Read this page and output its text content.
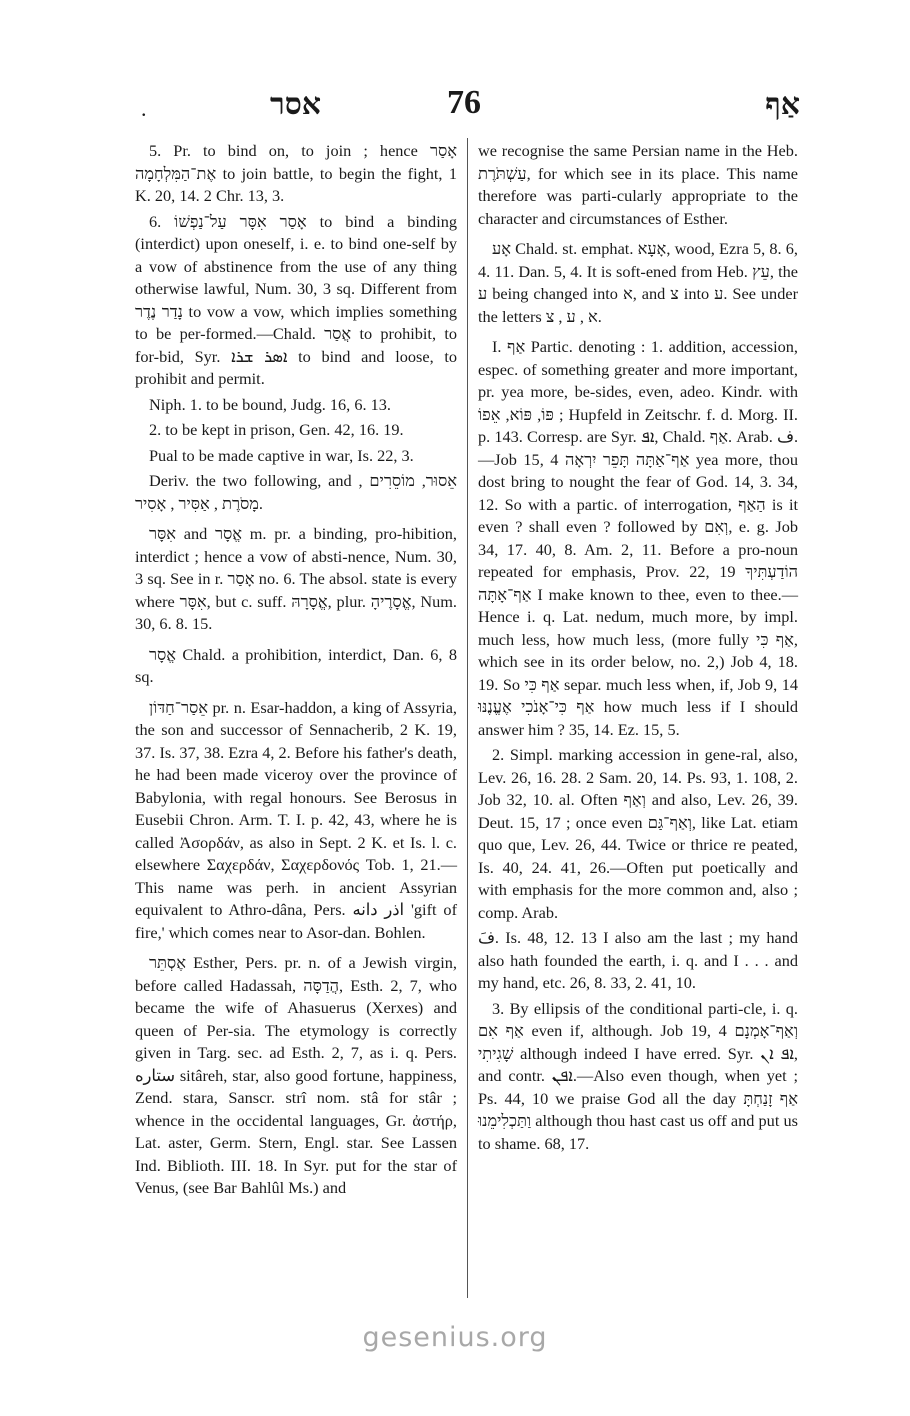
.	אסר	76	אַף

5. Pr. to bind on, to join ; hence אָסַר אֶת־הַמִּלְחָמָה to join battle, to begin the fight, 1 K. 20, 14. 2 Chr. 13, 3.

6. אָסַר אִסָּר עַל־נַפְשׁוֹ to bind a binding (interdict) upon oneself, i. e. to bind one-self by a vow of abstinence from the use of any thing otherwise lawful, Num. 30, 3 sq. Different from נָדַר נֶדֶר to vow a vow, which implies something to be per-formed.—Chald. אֲסַר to prohibit, to for-bid, Syr. ܐܣܪ ܫܪܐ to bind and loose, to prohibit and permit.

Niph. 1. to be bound, Judg. 16, 6. 13.

2. to be kept in prison, Gen. 42, 16. 19.

Pual to be made captive in war, Is. 22, 3.

Deriv. the two following, and אֵסוּר, מוֹסֵרִים , מָסֹרֶת , אַסִּיר , אָסִיר.

אִסָּר and אֱסָר m. pr. a binding, pro-hibition, interdict ; hence a vow of absti-nence, Num. 30, 3 sq. See in r. אָסַר no. 6. The absol. state is every where אִסָּר, but c. suff. אֱסָרָהּ, plur. אֱסָרֶיהָ, Num. 30, 6. 8. 15.

אֱסָר Chald. a prohibition, interdict, Dan. 6, 8 sq.

אֵסַר־חַדּוֹן pr. n. Esar-haddon, a king of Assyria, the son and successor of Sennacherib, 2 K. 19, 37. Is. 37, 38. Ezra 4, 2. Before his father's death, he had been made viceroy over the province of Babylonia, with regal honours. See Berosus in Eusebii Chron. Arm. T. I. p. 42, 43, where he is called Ἀσορδάν, as also in Sept. 2 K. et Is. l. c. elsewhere Σαχερδάν, Σαχερδονός Tob. 1, 21.—This name was perh. in ancient Assyrian equivalent to Athro-dâna, Pers. اذر دانه 'gift of fire,' which comes near to Asor-dan. Bohlen.

אֶסְתֵּר Esther, Pers. pr. n. of a Jewish virgin, before called Hadassah, הֲדַסָּה, Esth. 2, 7, who became the wife of Ahasuerus (Xerxes) and queen of Per-sia. The etymology is correctly given in Targ. sec. ad Esth. 2, 7, as i. q. Pers. ستاره sitâreh, star, also good fortune, happiness, Zend. stara, Sanscr. strî nom. stâ for stâr ; whence in the occidental languages, Gr. ἀστήρ, Lat. aster, Germ. Stern, Engl. star. See Lassen Ind. Biblioth. III. 18. In Syr. put for the star of Venus, (see Bar Bahlûl Ms.) and

we recognise the same Persian name in the Heb. עַשְׁתֹּרֶת, for which see in its place. This name therefore was parti-cularly appropriate to the character and circumstances of Esther.

אָע Chald. st. emphat. אָעָא, wood, Ezra 5, 8. 6, 4. 11. Dan. 5, 4. It is soft-ened from Heb. עֵץ, the ע being changed into א, and צ into ע. See under the letters א , ע , צ.

I. אַף Partic. denoting : 1. addition, accession, espec. of something greater and more important, pr. yea more, be-sides, even, adeo. Kindr. with פּוֹ, פּוֹא, אֵפוֹ ; Hupfeld in Zeitschr. f. d. Morg. II. p. 143. Corresp. are Syr. ܐܦ, Chald. אַף. Arab. ف.—Job 15, 4 אַף־אַתָּה תָּפֵר יִרְאָה yea more, thou dost bring to nought the fear of God. 14, 3. 34, 12. So with a partic. of interrogation, הַאַף is it even ? shall even ? followed by וְאִם, e. g. Job 34, 17. 40, 8. Am. 2, 11. Before a pro-noun repeated for emphasis, Prov. 22, 19 הוֹדַעְתִּיךָ אַף־אָתָּה I make known to thee, even to thee.—Hence i. q. Lat. nedum, much more, by impl. much less, how much less, (more fully אַף כִּי, which see in its order below, no. 2,) Job 4, 18. 19. So אַף כִּי separ. much less when, if, Job 9, 14 אַף כִּי־אָנֹכִי אֶעֱנֶנּוּ how much less if I should answer him ? 35, 14. Ez. 15, 5.

2. Simpl. marking accession in gene-ral, also, Lev. 26, 16. 28. 2 Sam. 20, 14. Ps. 93, 1. 108, 2. Job 32, 10. al. Often וְאַף and also, Lev. 26, 39. Deut. 15, 17 ; once even וְאַף־גַּם, like Lat. etiam quo que, Lev. 26, 44. Twice or thrice re peated, Is. 40, 24. 41, 26.—Often put poetically and with emphasis for the more common and, also ; comp. Arab.

فَ. Is. 48, 12. 13 I also am the last ; my hand also hath founded the earth, i. q. and I . . . and my hand, etc. 26, 8. 33, 2. 41, 10.

3. By ellipsis of the conditional parti-cle, i. q. אַף אִם even if, although. Job 19, 4 וְאַף־אָמְנָם שָׁגִיתִי although indeed I have erred. Syr. ܐܦ ܐܢ, and contr. ܐܦܢ.—Also even though, when yet ; Ps. 44, 10 we praise God all the day אַף זָנַחְתָּ וַתַּכְלִימֵנוּ although thou hast cast us off and put us to shame. 68, 17.

gesenius.org
